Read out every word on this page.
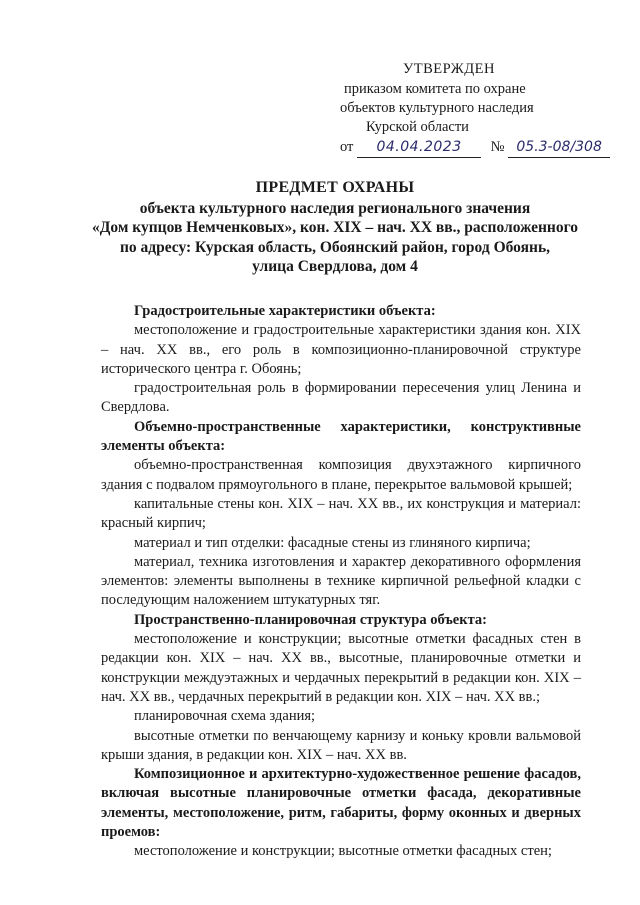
УТВЕРЖДЕН
приказом комитета по охране
объектов культурного наследия
Курской области
от 04.04.2023 № 05.3-08/308
ПРЕДМЕТ ОХРАНЫ
объекта культурного наследия регионального значения
«Дом купцов Немченковых», кон. XIX – нач. XX вв., расположенного
по адресу: Курская область, Обоянский район, город Обоянь,
улица Свердлова, дом 4

Градостроительные характеристики объекта:

местоположение и градостроительные характеристики здания кон. XIX – нач. XX вв., его роль в композиционно-планировочной структуре исторического центра г. Обоянь;

градостроительная роль в формировании пересечения улиц Ленина и Свердлова.

Объемно-пространственные характеристики, конструктивные элементы объекта:

объемно-пространственная композиция двухэтажного кирпичного здания с подвалом прямоугольного в плане, перекрытое вальмовой крышей;

капитальные стены кон. XIX – нач. XX вв., их конструкция и материал: красный кирпич;

материал и тип отделки: фасадные стены из глиняного кирпича;

материал, техника изготовления и характер декоративного оформления элементов: элементы выполнены в технике кирпичной рельефной кладки с последующим наложением штукатурных тяг.

Пространственно-планировочная структура объекта:

местоположение и конструкции; высотные отметки фасадных стен в редакции кон. XIX – нач. XX вв., высотные, планировочные отметки и конструкции междуэтажных и чердачных перекрытий в редакции кон. XIX – нач. XX вв., чердачных перекрытий в редакции кон. XIX – нач. XX вв.;

планировочная схема здания;

высотные отметки по венчающему карнизу и коньку кровли вальмовой крыши здания, в редакции кон. XIX – нач. XX вв.

Композиционное и архитектурно-художественное решение фасадов, включая высотные планировочные отметки фасада, декоративные элементы, местоположение, ритм, габариты, форму оконных и дверных проемов:

местоположение и конструкции; высотные отметки фасадных стен;
